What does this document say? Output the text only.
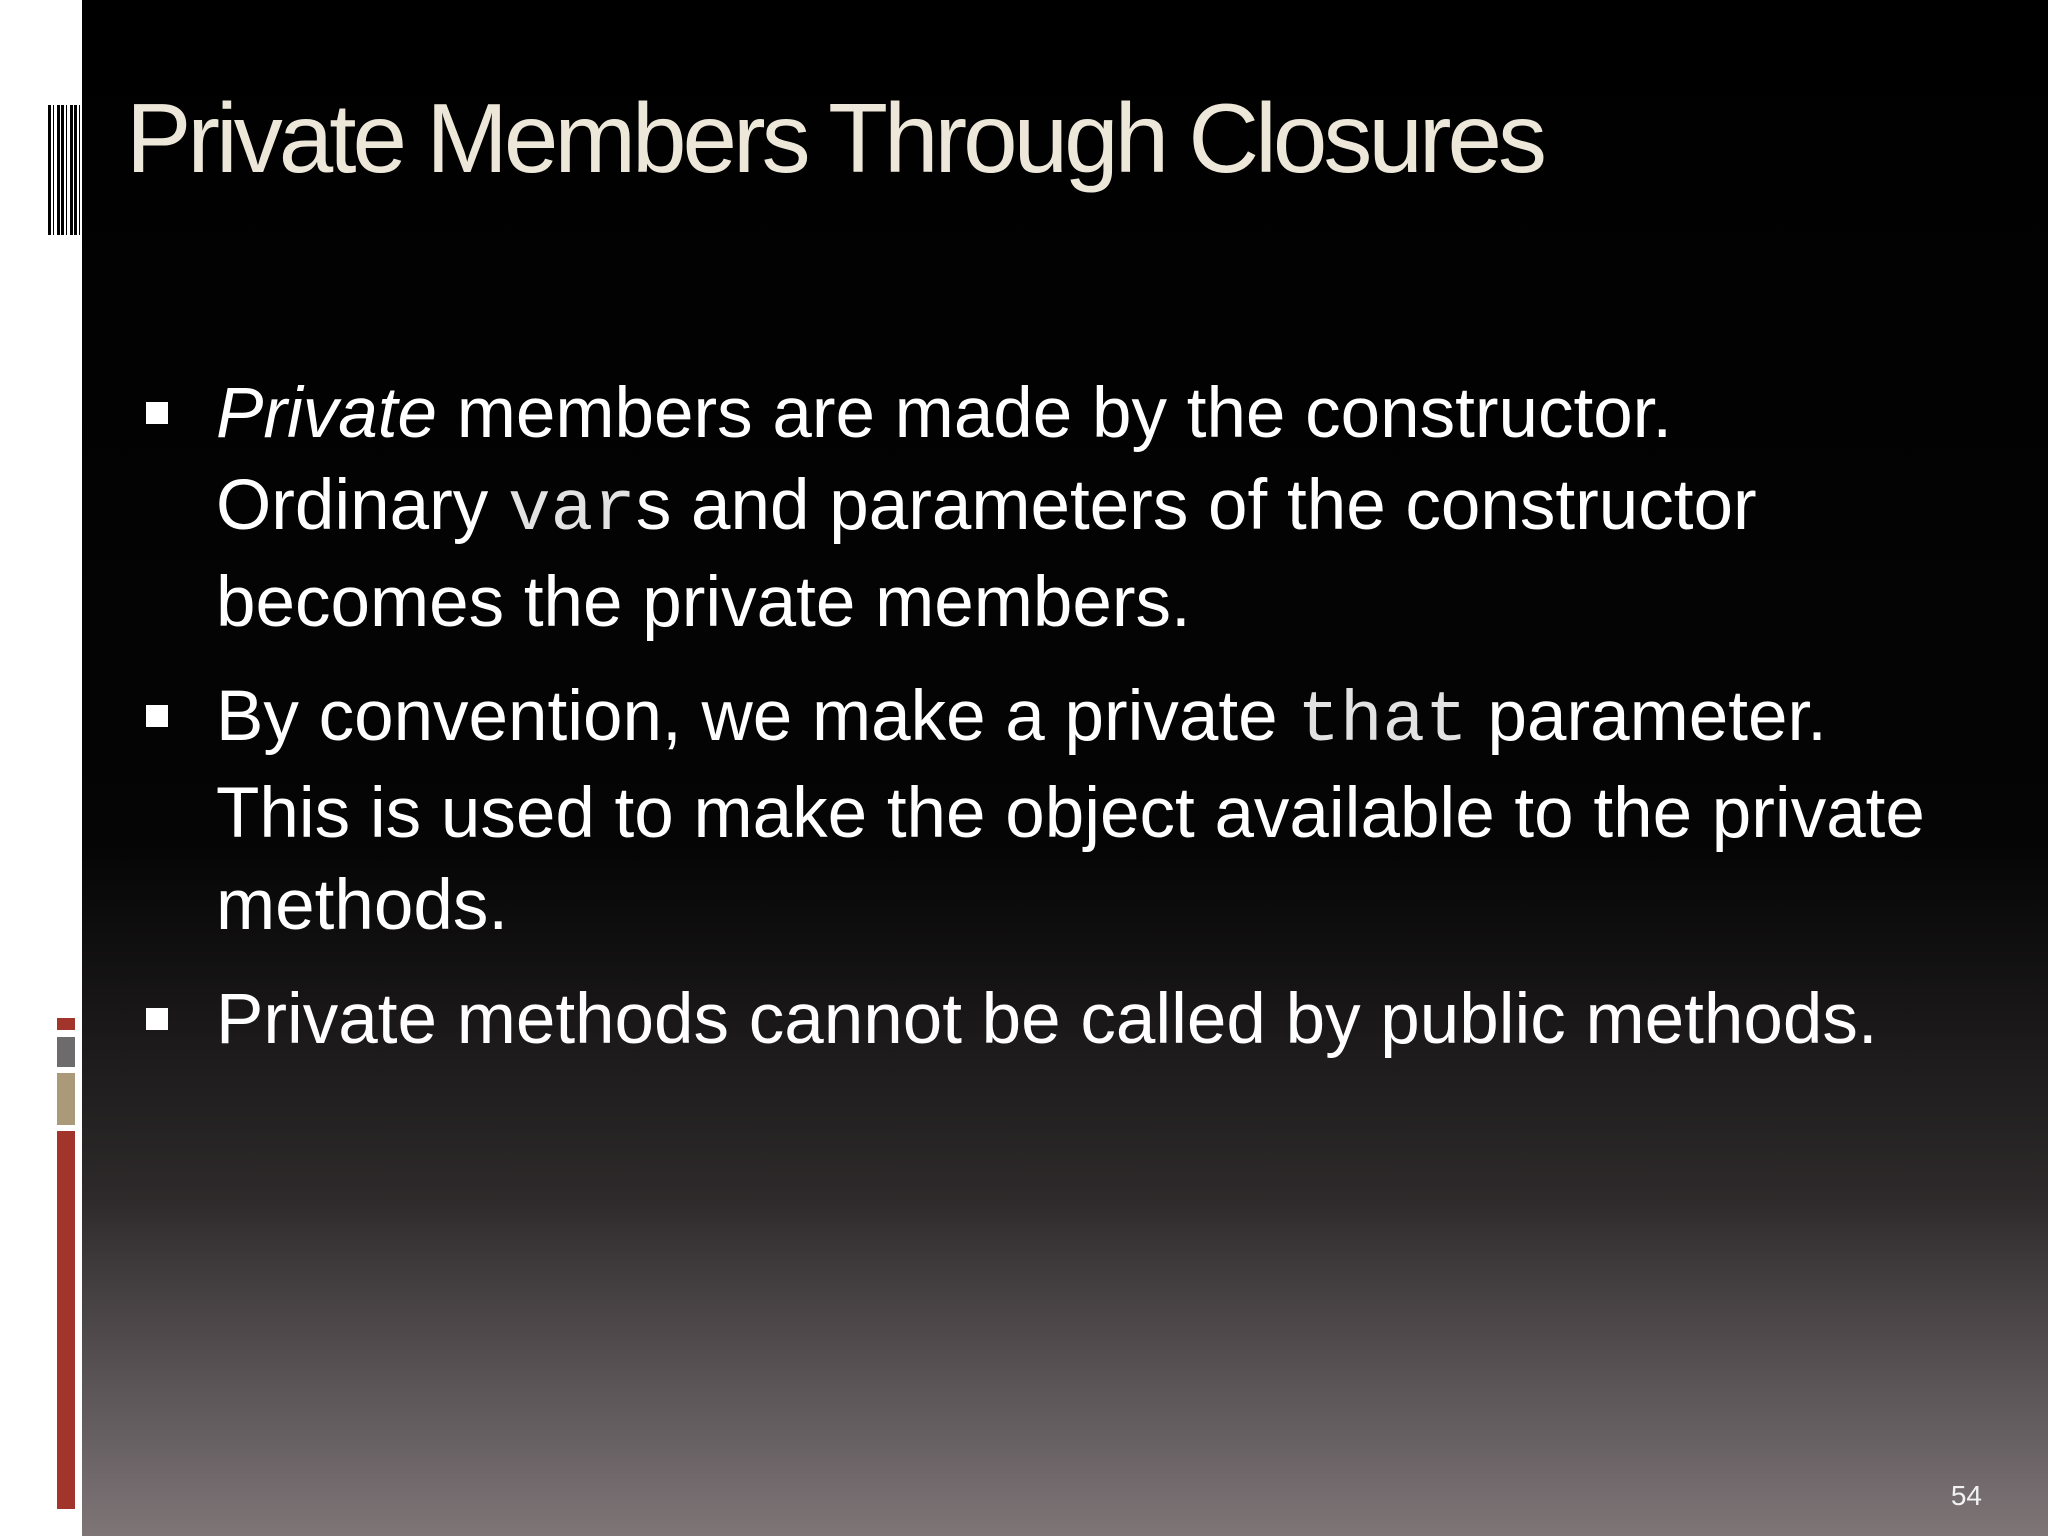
Private Members Through Closures
Private members are made by the constructor. Ordinary vars and parameters of the constructor becomes the private members.
By convention, we make a private that parameter. This is used to make the object available to the private methods.
Private methods cannot be called by public methods.
54
